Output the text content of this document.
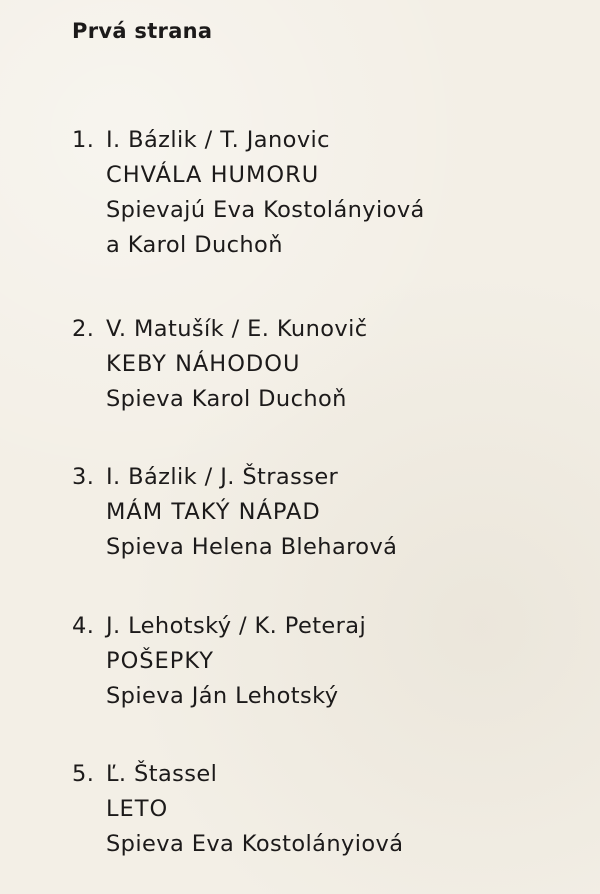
Prvá strana
1. I. Bázlik / T. Janovic
CHVÁLA HUMORU
Spievajú Eva Kostolányiová
a Karol Duchoň
2. V. Matušík / E. Kunovič
KEBY NÁHODOU
Spieva Karol Duchoň
3. I. Bázlik / J. Štrasser
MÁM TAKÝ NÁPAD
Spieva Helena Bleharová
4. J. Lehotský / K. Peteraj
POŠEPKY
Spieva Ján Lehotský
5. Ľ. Štassel
LETO
Spieva Eva Kostolányiová
